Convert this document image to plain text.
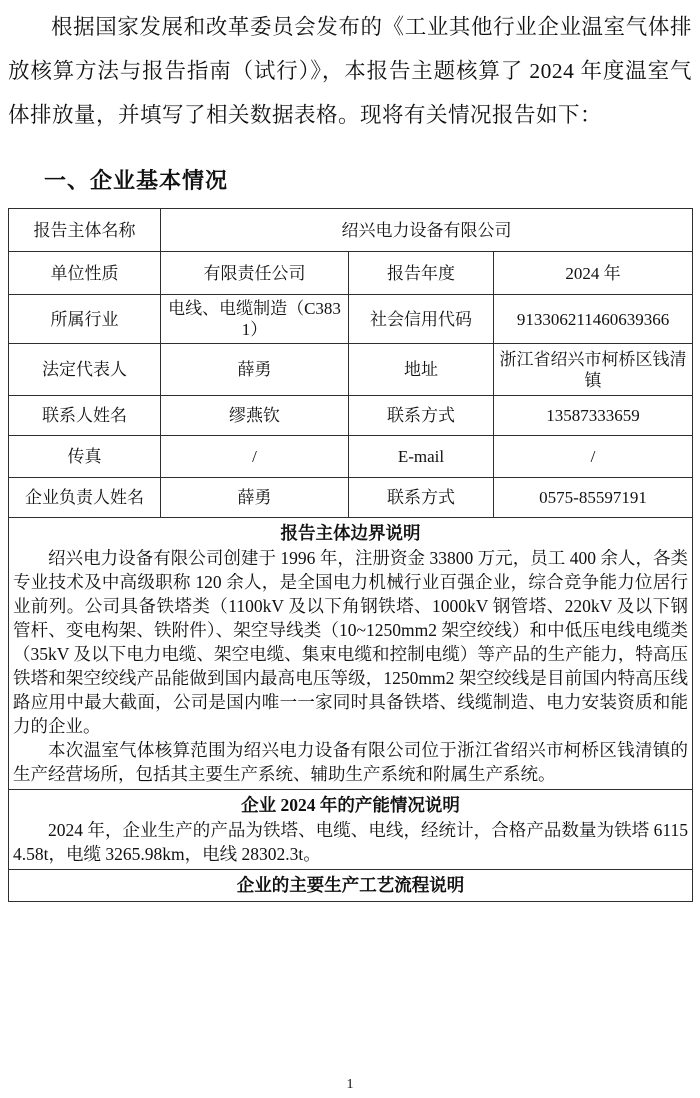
根据国家发展和改革委员会发布的《工业其他行业企业温室气体排放核算方法与报告指南（试行）》，本报告主题核算了 2024 年度温室气体排放量，并填写了相关数据表格。现将有关情况报告如下：

一、企业基本情况
报告主体名称	绍兴电力设备有限公司		
单位性质	有限责任公司	报告年度	2024 年
所属行业	电线、电缆制造（C3831）	社会信用代码	913306211460639366
法定代表人	薛勇	地址	浙江省绍兴市柯桥区钱清镇
联系人姓名	缪燕钦	联系方式	13587333659
传真	/	E-mail	/
企业负责人姓名	薛勇	联系方式	0575-85597191

报告主体边界说明

绍兴电力设备有限公司创建于 1996 年，注册资金 33800 万元，员工 400 余人，各类专业技术及中高级职称 120 余人，是全国电力机械行业百强企业，综合竞争能力位居行业前列。公司具备铁塔类（1100kV 及以下角钢铁塔、1000kV 钢管塔、220kV 及以下钢管杆、变电构架、铁附件）、架空导线类（10~1250mm2 架空绞线）和中低压电线电缆类（35kV 及以下电力电缆、架空电缆、集束电缆和控制电缆）等产品的生产能力，特高压铁塔和架空绞线产品能做到国内最高电压等级，1250mm2 架空绞线是目前国内特高压线路应用中最大截面，公司是国内唯一一家同时具备铁塔、线缆制造、电力安装资质和能力的企业。

本次温室气体核算范围为绍兴电力设备有限公司位于浙江省绍兴市柯桥区钱清镇的生产经营场所，包括其主要生产系统、辅助生产系统和附属生产系统。			

企业 2024 年的产能情况说明

2024 年，企业生产的产品为铁塔、电缆、电线，经统计，合格产品数量为铁塔 61154.58t，电缆 3265.98km，电线 28302.3t。			

企业的主要生产工艺流程说明			

1
